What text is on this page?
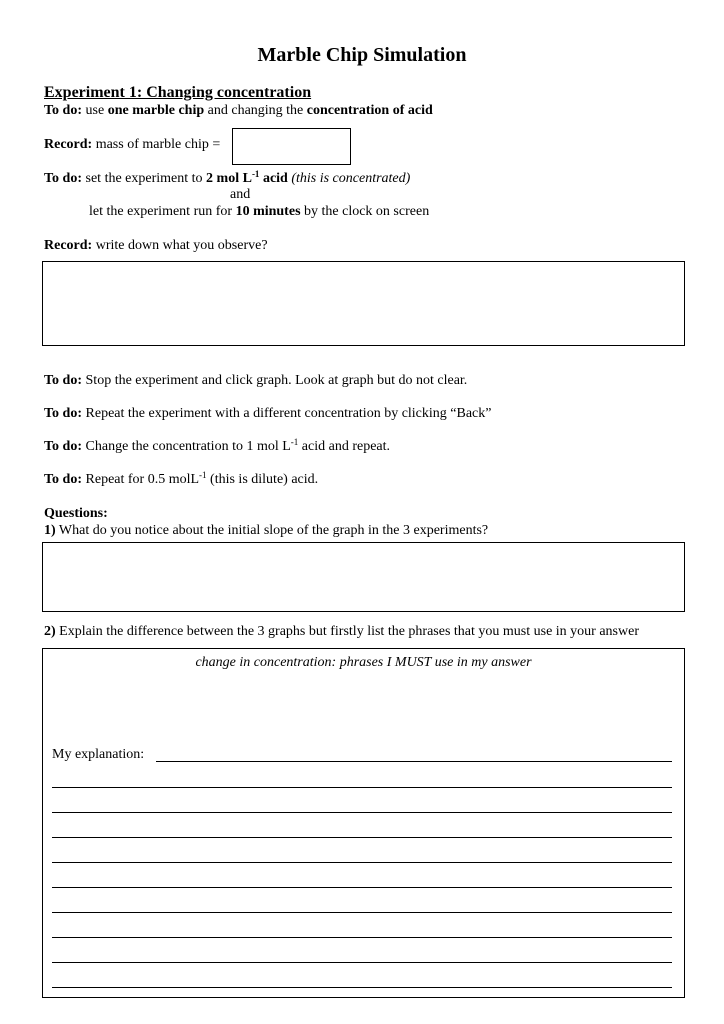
Marble Chip Simulation
Experiment 1: Changing concentration
To do: use one marble chip and changing the concentration of acid
Record: mass of marble chip =
To do: set the experiment to 2 mol $L^{-1}$ acid (this is concentrated)
and
let the experiment run for 10 minutes by the clock on screen
Record: write down what you observe?
To do: Stop the experiment and click graph. Look at graph but do not clear.
To do: Repeat the experiment with a different concentration by clicking “Back”
To do: Change the concentration to 1 mol $L^{-1}$ acid and repeat.
To do: Repeat for 0.5 molL$^{-1}$ (this is dilute) acid.
Questions:
1) What do you notice about the initial slope of the graph in the 3 experiments?
2) Explain the difference between the 3 graphs but firstly list the phrases that you must use in your answer
change in concentration: phrases I MUST use in my answer
My explanation:
